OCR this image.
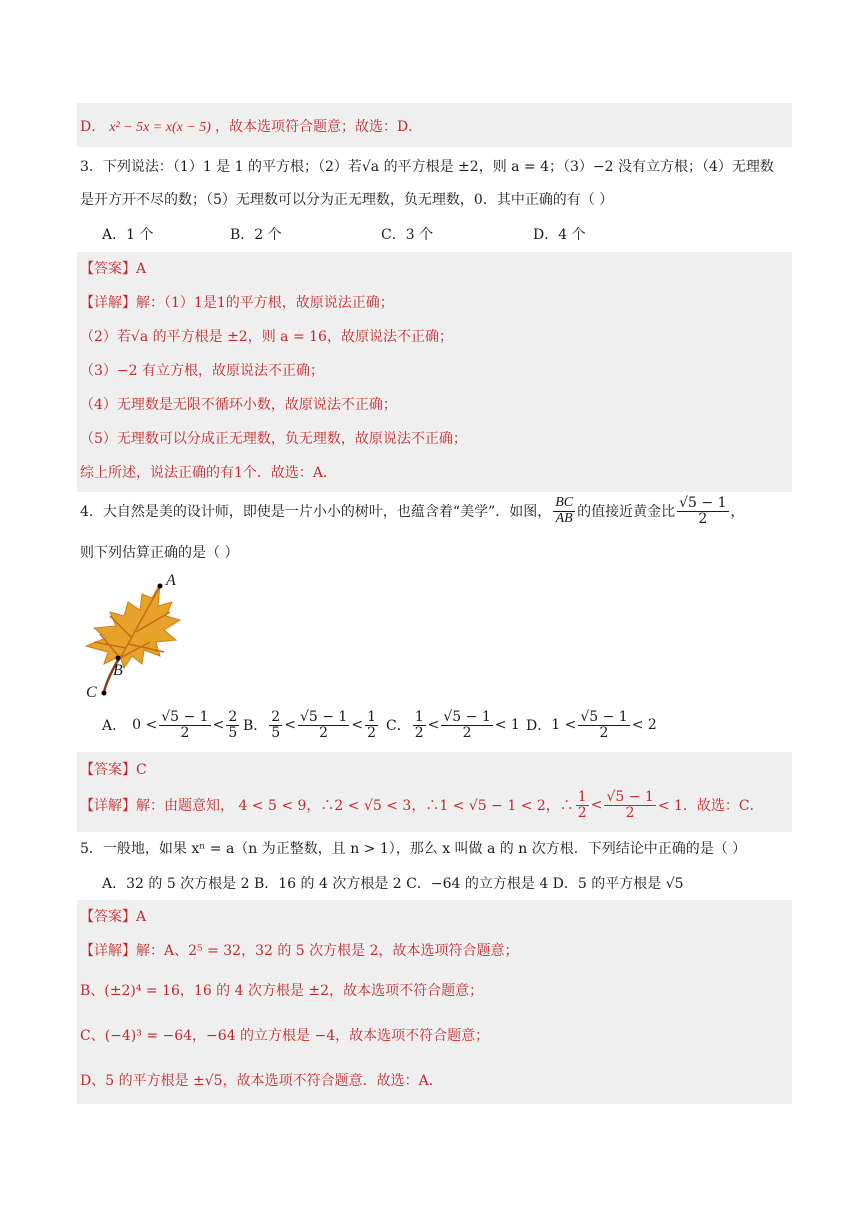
D． x² − 5x = x(x − 5) ，故本选项符合题意；故选：D．
3．下列说法：（1）1 是 1 的平方根；（2）若√a 的平方根是 ±2，则 a = 4；（3）−2 没有立方根；（4）无理数
是开方开不尽的数；（5）无理数可以分为正无理数，负无理数，0．其中正确的有（ ）
A．1 个	B．2 个	C．3 个	D．4 个
【答案】A
【详解】解：（1）1是1的平方根，故原说法正确；
（2）若√a 的平方根是 ±2，则 a = 16，故原说法不正确；
（3）−2 有立方根，故原说法不正确；
（4）无理数是无限不循环小数，故原说法不正确；
（5）无理数可以分成正无理数，负无理数，故原说法不正确；
综上所述，说法正确的有1个．故选：A．
4．大自然是美的设计师，即使是一片小小的树叶，也蕴含着“美学”．如图， $\frac{BC}{AB}$ 的值接近黄金比 $\frac{√5 - 1}{2}$ ，
则下列估算正确的是（ ）
A
B
C
A． $0 < \frac{√5 - 1}{2} < \frac{2}{5}$ B． $\frac{2}{5} < \frac{√5 - 1}{2} < \frac{1}{2}$ C． $\frac{1}{2} < \frac{√5 - 1}{2} < 1$ D． $1 < \frac{√5 - 1}{2} < 2$
【答案】C
【详解】解：由题意知， 4 < 5 < 9，∴2 < √5 < 3，∴1 < √5 − 1 < 2，∴ $\frac{1}{2} < \frac{√5 - 1}{2} < 1$．故选：C．
5．一般地，如果 xⁿ = a（n 为正整数，且 n > 1），那么 x 叫做 a 的 n 次方根．下列结论中正确的是（ ）
A．32 的 5 次方根是 2 B．16 的 4 次方根是 2 C．−64 的立方根是 4 D．5 的平方根是 √5
【答案】A
【详解】解：A、2⁵ = 32，32 的 5 次方根是 2，故本选项符合题意；
B、(±2)⁴ = 16，16 的 4 次方根是 ±2，故本选项不符合题意；
C、(−4)³ = −64，−64 的立方根是 −4，故本选项不符合题意；
D、5 的平方根是 ±√5，故本选项不符合题意．故选：A．
